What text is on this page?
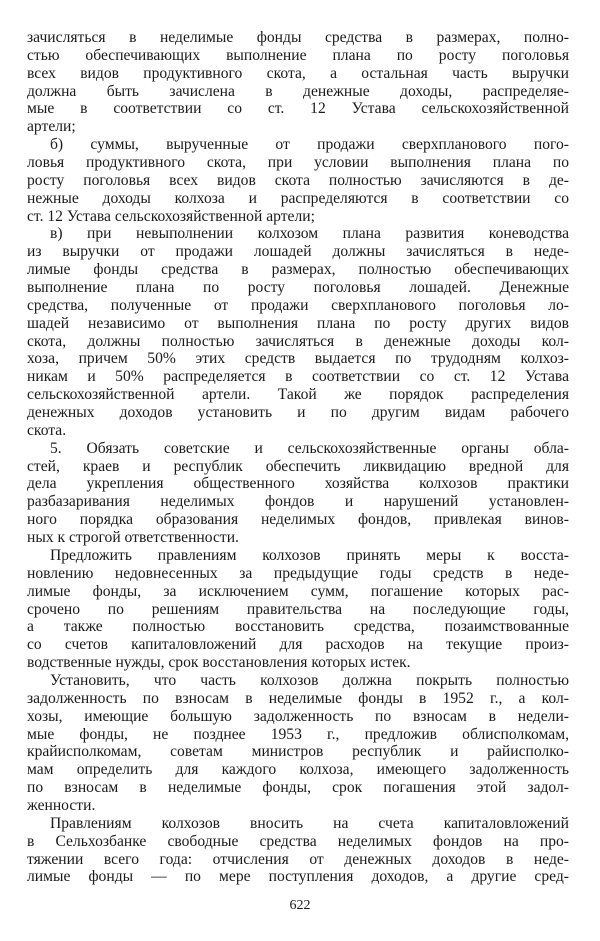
зачисляться в неделимые фонды средства в размерах, полно-
стью обеспечивающих выполнение плана по росту поголовья
всех видов продуктивного скота, а остальная часть выручки
должна быть зачислена в денежные доходы, распределяе-
мые в соответствии со ст. 12 Устава сельскохозяйственной
артели;
б) суммы, вырученные от продажи сверхпланового пого-
ловья продуктивного скота, при условии выполнения плана по
росту поголовья всех видов скота полностью зачисляются в де-
нежные доходы колхоза и распределяются в соответствии со
ст. 12 Устава сельскохозяйственной артели;
в) при невыполнении колхозом плана развития коневодства
из выручки от продажи лошадей должны зачисляться в неде-
лимые фонды средства в размерах, полностью обеспечивающих
выполнение плана по росту поголовья лошадей. Денежные
средства, полученные от продажи сверхпланового поголовья ло-
шадей независимо от выполнения плана по росту других видов
скота, должны полностью зачисляться в денежные доходы кол-
хоза, причем 50% этих средств выдается по трудодням колхоз-
никам и 50% распределяется в соответствии со ст. 12 Устава
сельскохозяйственной артели. Такой же порядок распределения
денежных доходов установить и по другим видам рабочего
скота.
5. Обязать советские и сельскохозяйственные органы обла-
стей, краев и республик обеспечить ликвидацию вредной для
дела укрепления общественного хозяйства колхозов практики
разбазаривания неделимых фондов и нарушений установлен-
ного порядка образования неделимых фондов, привлекая винов-
ных к строгой ответственности.
Предложить правлениям колхозов принять меры к восста-
новлению недовнесенных за предыдущие годы средств в неде-
лимые фонды, за исключением сумм, погашение которых рас-
срочено по решениям правительства на последующие годы,
а также полностью восстановить средства, позаимствованные
со счетов капиталовложений для расходов на текущие произ-
водственные нужды, срок восстановления которых истек.
Установить, что часть колхозов должна покрыть полностью
задолженность по взносам в неделимые фонды в 1952 г., а кол-
хозы, имеющие большую задолженность по взносам в недели-
мые фонды, не позднее 1953 г., предложив облисполкомам,
крайисполкомам, советам министров республик и райисполко-
мам определить для каждого колхоза, имеющего задолженность
по взносам в неделимые фонды, срок погашения этой задол-
женности.
Правлениям колхозов вносить на счета капиталовложений
в Сельхозбанке свободные средства неделимых фондов на про-
тяжении всего года: отчисления от денежных доходов в неде-
лимые фонды — по мере поступления доходов, а другие сред-
622
